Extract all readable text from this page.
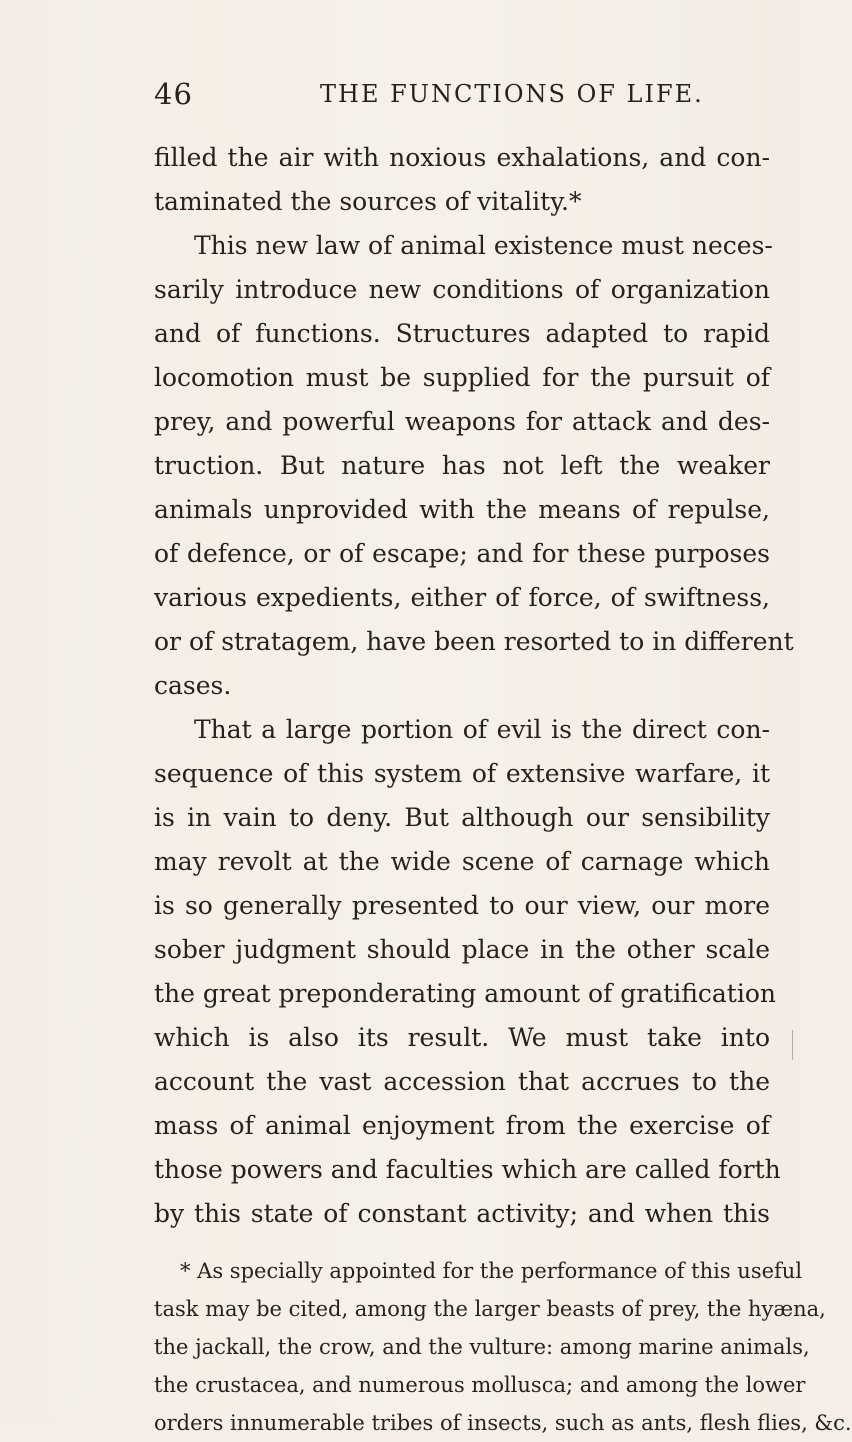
46	THE FUNCTIONS OF LIFE.
filled the air with noxious exhalations, and con-
taminated the sources of vitality.*
This new law of animal existence must neces-
sarily introduce new conditions of organization
and of functions. Structures adapted to rapid
locomotion must be supplied for the pursuit of
prey, and powerful weapons for attack and des-
truction. But nature has not left the weaker
animals unprovided with the means of repulse,
of defence, or of escape; and for these purposes
various expedients, either of force, of swiftness,
or of stratagem, have been resorted to in different
cases.
That a large portion of evil is the direct con-
sequence of this system of extensive warfare, it
is in vain to deny. But although our sensibility
may revolt at the wide scene of carnage which
is so generally presented to our view, our more
sober judgment should place in the other scale
the great preponderating amount of gratification
which is also its result. We must take into
account the vast accession that accrues to the
mass of animal enjoyment from the exercise of
those powers and faculties which are called forth
by this state of constant activity; and when this
* As specially appointed for the performance of this useful
task may be cited, among the larger beasts of prey, the hyæna,
the jackall, the crow, and the vulture: among marine animals,
the crustacea, and numerous mollusca; and among the lower
orders innumerable tribes of insects, such as ants, flesh flies, &c.
